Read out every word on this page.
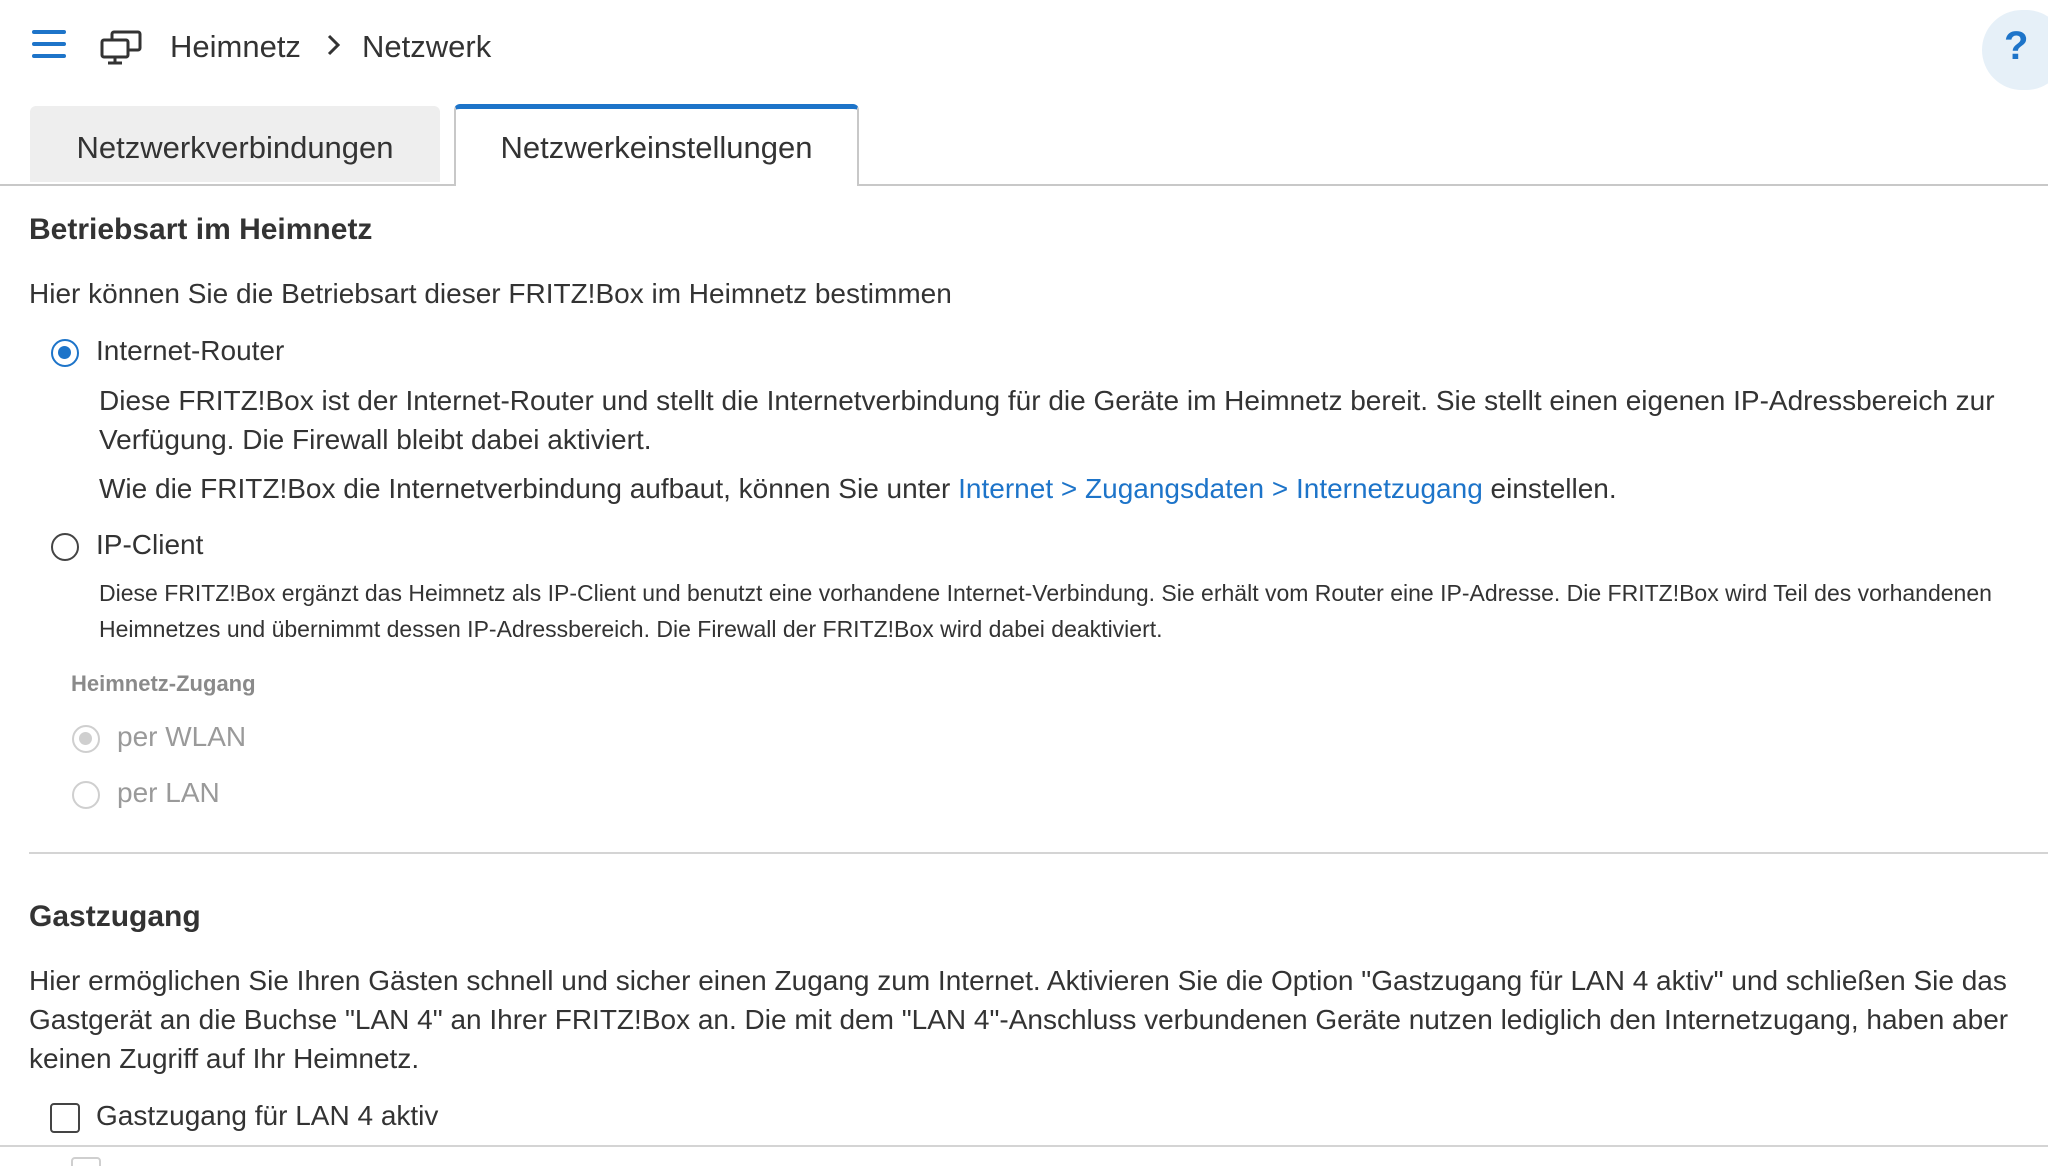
Heimnetz Netzwerk	?
Netzwerkverbindungen	Netzwerkeinstellungen
Betriebsart im Heimnetz
Hier können Sie die Betriebsart dieser FRITZ!Box im Heimnetz bestimmen
Internet-Router
Diese FRITZ!Box ist der Internet-Router und stellt die Internetverbindung für die Geräte im Heimnetz bereit. Sie stellt einen eigenen IP-Adressbereich zur Verfügung. Die Firewall bleibt dabei aktiviert.
Wie die FRITZ!Box die Internetverbindung aufbaut, können Sie unter Internet > Zugangsdaten > Internetzugang einstellen.
IP-Client
Diese FRITZ!Box ergänzt das Heimnetz als IP-Client und benutzt eine vorhandene Internet-Verbindung. Sie erhält vom Router eine IP-Adresse. Die FRITZ!Box wird Teil des vorhandenen Heimnetzes und übernimmt dessen IP-Adressbereich. Die Firewall der FRITZ!Box wird dabei deaktiviert.
Heimnetz-Zugang
per WLAN
per LAN
Gastzugang
Hier ermöglichen Sie Ihren Gästen schnell und sicher einen Zugang zum Internet. Aktivieren Sie die Option "Gastzugang für LAN 4 aktiv" und schließen Sie das Gastgerät an die Buchse "LAN 4" an Ihrer FRITZ!Box an. Die mit dem "LAN 4"-Anschluss verbundenen Geräte nutzen lediglich den Internetzugang, haben aber keinen Zugriff auf Ihr Heimnetz.
Gastzugang für LAN 4 aktiv
